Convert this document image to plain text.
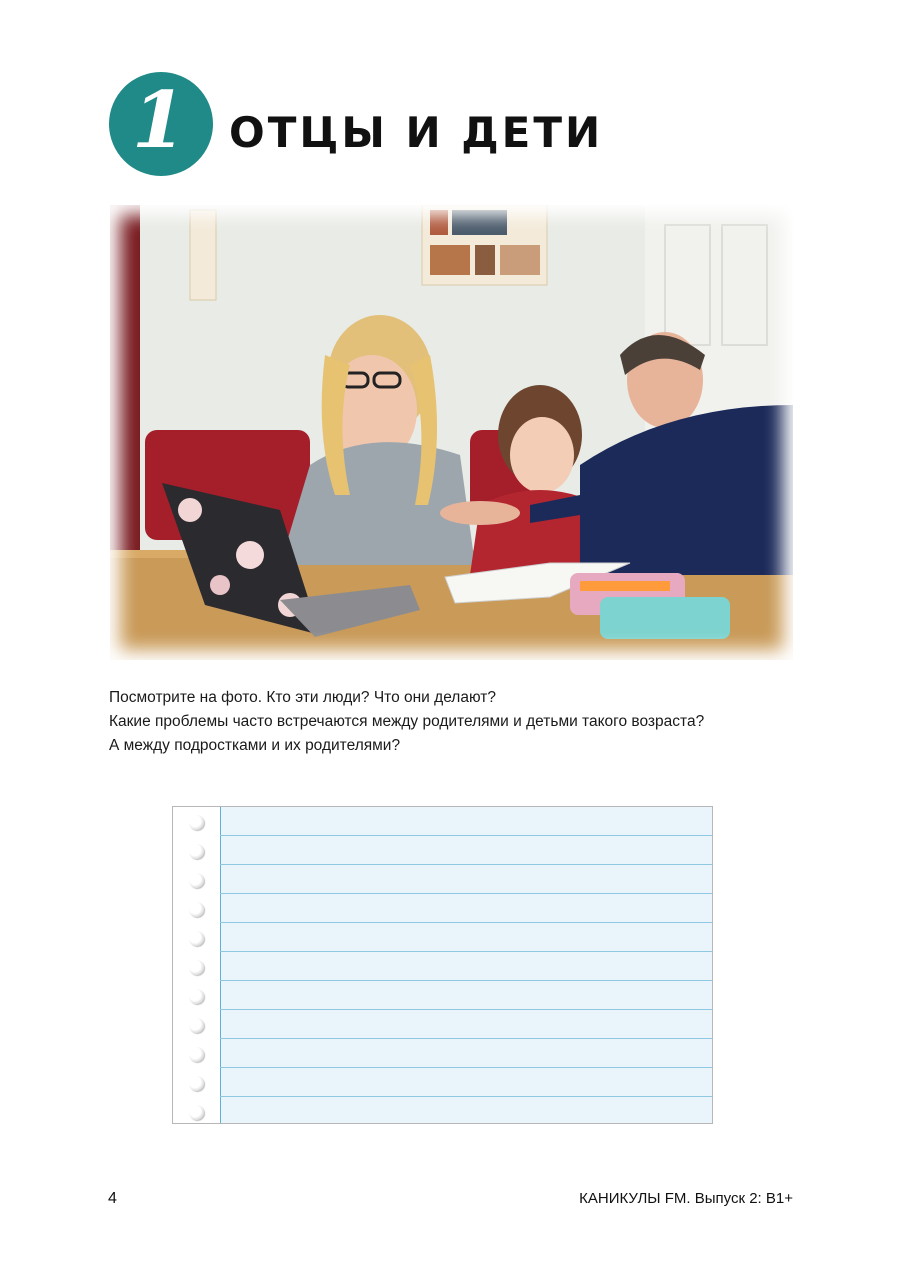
1 ОТЦЫ И ДЕТИ

Посмотрите на фото. Кто эти люди? Что они делают?

Какие проблемы часто встречаются между родителями и детьми такого возраста?

А между подростками и их родителями?

4	КАНИКУЛЫ FM. Выпуск 2: B1+
